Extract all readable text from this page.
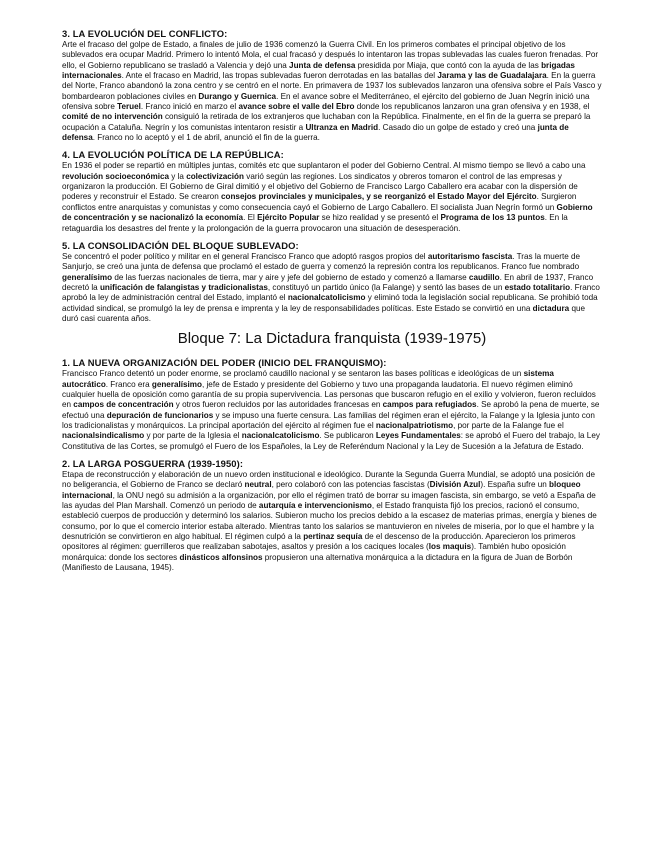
3. LA EVOLUCIÓN DEL CONFLICTO:

Arte el fracaso del golpe de Estado, a finales de julio de 1936 comenzó la Guerra Civil. En los primeros combates el principal objetivo de los sublevados era ocupar Madrid. Primero lo intentó Mola, el cual fracasó y después lo intentaron las tropas sublevadas las cuales fueron frenadas. Por ello, el Gobierno republicano se trasladó a Valencia y dejó una Junta de defensa presidida por Miaja, que contó con la ayuda de las brigadas internacionales. Ante el fracaso en Madrid, las tropas sublevadas fueron derrotadas en las batallas del Jarama y las de Guadalajara. En la guerra del Norte, Franco abandonó la zona centro y se centró en el norte. En primavera de 1937 los sublevados lanzaron una ofensiva sobre el País Vasco y bombardearon poblaciones civiles en Durango y Guernica. En el avance sobre el Mediterráneo, el ejército del gobierno de Juan Negrín inició una ofensiva sobre Teruel. Franco inició en marzo el avance sobre el valle del Ebro donde los republicanos lanzaron una gran ofensiva y en 1938, el comité de no intervención consiguió la retirada de los extranjeros que luchaban con la República. Finalmente, en el fin de la guerra se preparó la ocupación a Cataluña. Negrín y los comunistas intentaron resistir a Ultranza en Madrid. Casado dio un golpe de estado y creó una junta de defensa. Franco no lo aceptó y el 1 de abril, anunció el fin de la guerra.

4. LA EVOLUCIÓN POLÍTICA DE LA REPÚBLICA:

En 1936 el poder se repartió en múltiples juntas, comités etc que suplantaron el poder del Gobierno Central. Al mismo tiempo se llevó a cabo una revolución socioeconómica y la colectivización varió según las regiones. Los sindicatos y obreros tomaron el control de las empresas y organizaron la producción. El Gobierno de Giral dimitió y el objetivo del Gobierno de Francisco Largo Caballero era acabar con la dispersión de poderes y reconstruir el Estado. Se crearon consejos provinciales y municipales, y se reorganizó el Estado Mayor del Ejército. Surgieron conflictos entre anarquistas y comunistas y como consecuencia cayó el Gobierno de Largo Caballero. El socialista Juan Negrín formó un Gobierno de concentración y se nacionalizó la economía. El Ejército Popular se hizo realidad y se presentó el Programa de los 13 puntos. En la retaguardia los desastres del frente y la prolongación de la guerra provocaron una situación de desesperación.

5. LA CONSOLIDACIÓN DEL BLOQUE SUBLEVADO:

Se concentró el poder político y militar en el general Francisco Franco que adoptó rasgos propios del autoritarismo fascista. Tras la muerte de Sanjurjo, se creó una junta de defensa que proclamó el estado de guerra y comenzó la represión contra los republicanos. Franco fue nombrado generalísimo de las fuerzas nacionales de tierra, mar y aire y jefe del gobierno de estado y comenzó a llamarse caudillo. En abril de 1937, Franco decretó la unificación de falangistas y tradicionalistas, constituyó un partido único (la Falange) y sentó las bases de un estado totalitario. Franco aprobó la ley de administración central del Estado, implantó el nacionalcatolicismo y eliminó toda la legislación social republicana. Se prohibió toda actividad sindical, se promulgó la ley de prensa e imprenta y la ley de responsabilidades políticas. Este Estado se convirtió en una dictadura que duró casi cuarenta años.

Bloque 7: La Dictadura franquista (1939-1975)
1. LA NUEVA ORGANIZACIÓN DEL PODER (INICIO DEL FRANQUISMO):

Francisco Franco detentó un poder enorme, se proclamó caudillo nacional y se sentaron las bases políticas e ideológicas de un sistema autocrático. Franco era generalísimo, jefe de Estado y presidente del Gobierno y tuvo una propaganda laudatoria. El nuevo régimen eliminó cualquier huella de oposición como garantía de su propia supervivencia. Las personas que buscaron refugio en el exilio y volvieron, fueron recluidos en campos de concentración y otros fueron recluidos por las autoridades francesas en campos para refugiados. Se aprobó la pena de muerte, se efectuó una depuración de funcionarios y se impuso una fuerte censura. Las familias del régimen eran el ejército, la Falange y la Iglesia junto con los tradicionalistas y monárquicos. La principal aportación del ejército al régimen fue el nacionalpatriotismo, por parte de la Falange fue el nacionalsindicalismo y por parte de la Iglesia el nacionalcatolicismo. Se publicaron Leyes Fundamentales: se aprobó el Fuero del trabajo, la Ley Constitutiva de las Cortes, se promulgó el Fuero de los Españoles, la Ley de Referéndum Nacional y la Ley de Sucesión a la Jefatura de Estado.

2. LA LARGA POSGUERRA (1939-1950):

Etapa de reconstrucción y elaboración de un nuevo orden institucional e ideológico. Durante la Segunda Guerra Mundial, se adoptó una posición de no beligerancia, el Gobierno de Franco se declaró neutral, pero colaboró con las potencias fascistas (División Azul). España sufre un bloqueo internacional, la ONU negó su admisión a la organización, por ello el régimen trató de borrar su imagen fascista, sin embargo, se vetó a España de las ayudas del Plan Marshall. Comenzó un periodo de autarquía e intervencionismo, el Estado franquista fijó los precios, racionó el consumo, estableció cuerpos de producción y determinó los salarios. Subieron mucho los precios debido a la escasez de materias primas, energía y bienes de consumo, por lo que el comercio interior estaba alterado. Mientras tanto los salarios se mantuvieron en niveles de miseria, por lo que el hambre y la desnutrición se convirtieron en algo habitual. El régimen culpó a la pertinaz sequía de el descenso de la producción. Aparecieron los primeros opositores al régimen: guerrilleros que realizaban sabotajes, asaltos y presión a los caciques locales (los maquis). También hubo oposición monárquica: donde los sectores dinásticos alfonsinos propusieron una alternativa monárquica a la dictadura en la figura de Juan de Borbón (Manifiesto de Lausana, 1945).
